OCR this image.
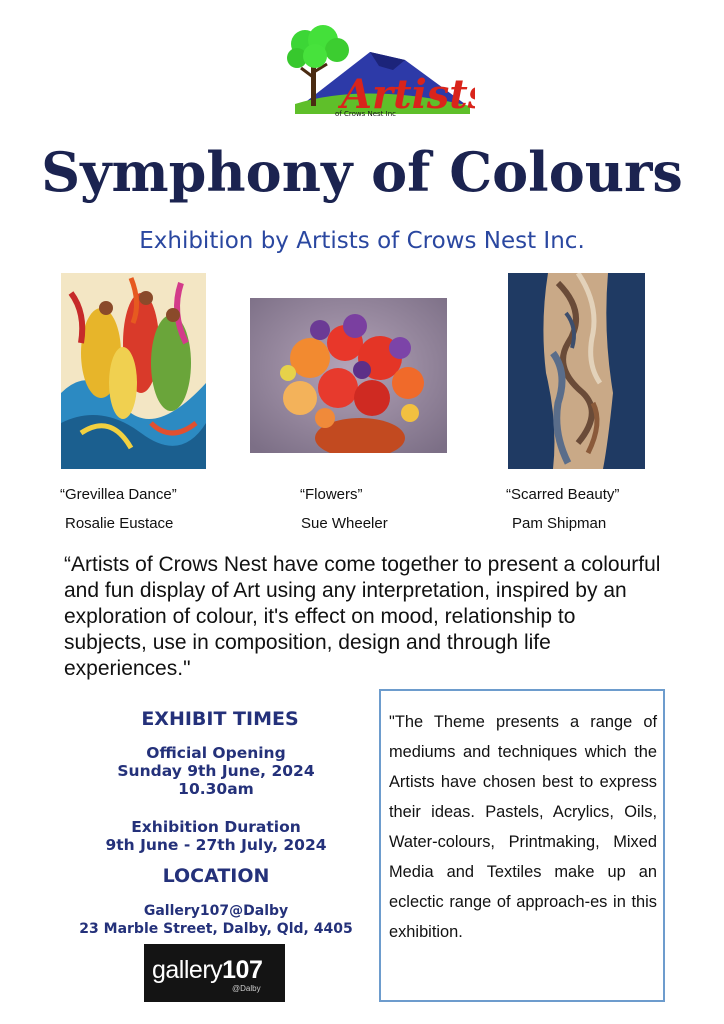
Artist
of Crows Nest Inc
Symphony of Colours
Exhibition by Artists of Crows Nest Inc.
“Grevillea Dance”
Rosalie Eustace
“Flowers”
Sue Wheeler
“Scarred Beauty”
Pam Shipman
“Artists of Crows Nest have come together to present a colourful and fun display of Art using any interpretation, inspired by an exploration of colour, it's effect on mood, relationship to subjects, use in composition, design and through life experiences."
EXHIBIT TIMES
Official Opening
Sunday 9th June, 2024
10.30am
Exhibition Duration
9th June - 27th July, 2024
LOCATION
Gallery107@Dalby
23 Marble Street, Dalby, Qld, 4405
gallery107
@Dalby
"The Theme presents a range of mediums and techniques which the Artists have chosen best to express their ideas. Pastels, Acrylics, Oils, Water-colours, Printmaking, Mixed Media and Textiles make up an eclectic range of approach-es in this exhibition.
